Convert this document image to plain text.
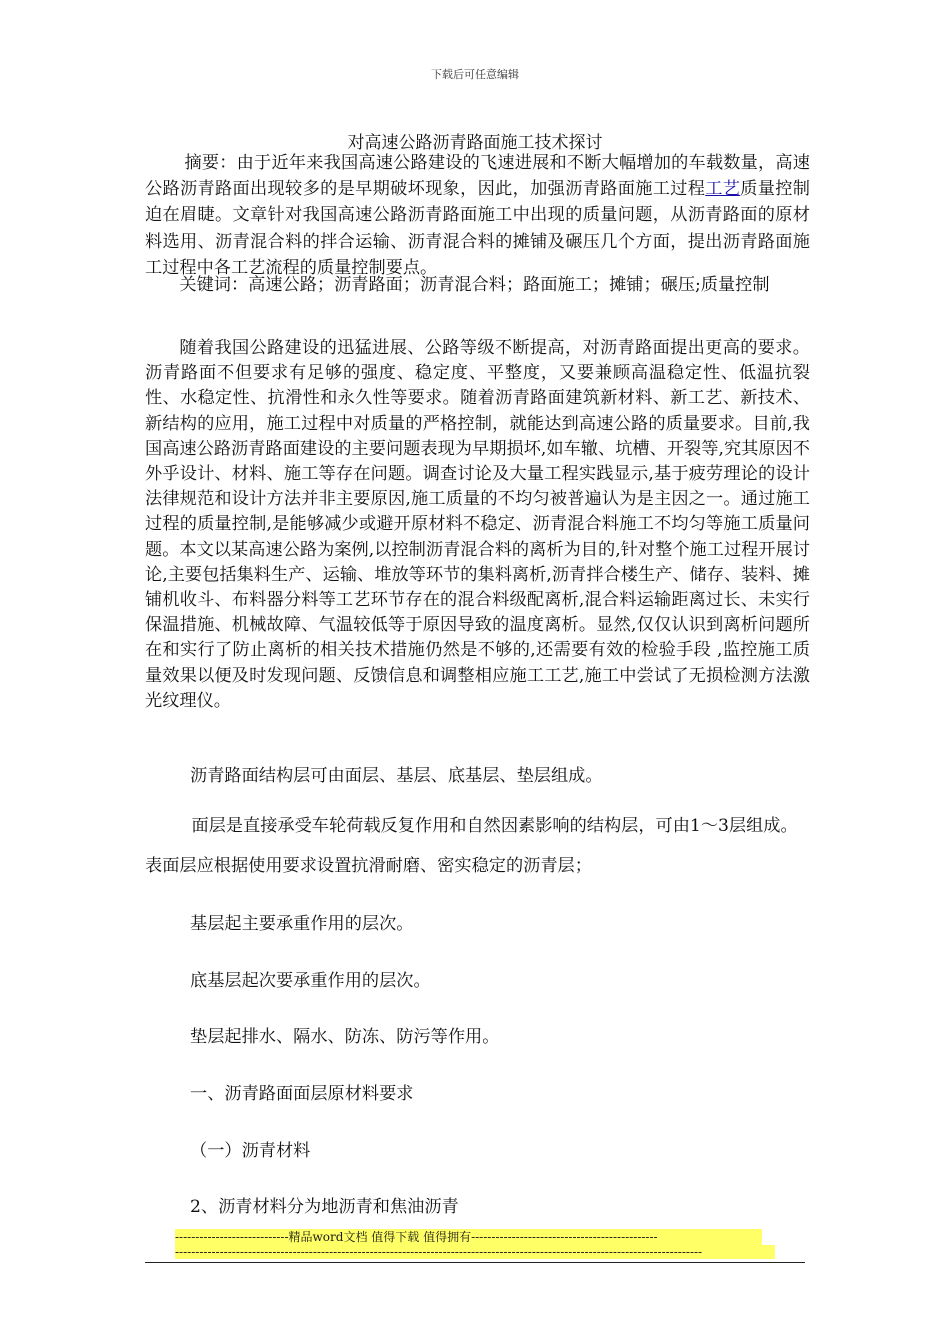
下载后可任意编辑
对高速公路沥青路面施工技术探讨

摘要：由于近年来我国高速公路建设的飞速进展和不断大幅增加的车载数量，高速公路沥青路面出现较多的是早期破坏现象，因此，加强沥青路面施工过程工艺质量控制迫在眉睫。文章针对我国高速公路沥青路面施工中出现的质量问题，从沥青路面的原材料选用、沥青混合料的拌合运输、沥青混合料的摊铺及碾压几个方面，提出沥青路面施工过程中各工艺流程的质量控制要点。

关键词：高速公路；沥青路面；沥青混合料；路面施工；摊铺；碾压;质量控制

随着我国公路建设的迅猛进展、公路等级不断提高，对沥青路面提出更高的要求。沥青路面不但要求有足够的强度、稳定度、平整度，又要兼顾高温稳定性、低温抗裂性、水稳定性、抗滑性和永久性等要求。随着沥青路面建筑新材料、新工艺、新技术、新结构的应用，施工过程中对质量的严格控制，就能达到高速公路的质量要求。目前,我国高速公路沥青路面建设的主要问题表现为早期损坏,如车辙、坑槽、开裂等,究其原因不外乎设计、材料、施工等存在问题。调查讨论及大量工程实践显示,基于疲劳理论的设计法律规范和设计方法并非主要原因,施工质量的不均匀被普遍认为是主因之一。通过施工过程的质量控制,是能够减少或避开原材料不稳定、沥青混合料施工不均匀等施工质量问题。本文以某高速公路为案例,以控制沥青混合料的离析为目的,针对整个施工过程开展讨论,主要包括集料生产、运输、堆放等环节的集料离析,沥青拌合楼生产、储存、装料、摊铺机收斗、布料器分料等工艺环节存在的混合料级配离析,混合料运输距离过长、未实行保温措施、机械故障、气温较低等于原因导致的温度离析。显然,仅仅认识到离析问题所在和实行了防止离析的相关技术措施仍然是不够的,还需要有效的检验手段 ,监控施工质量效果以便及时发现问题、反馈信息和调整相应施工工艺,施工中尝试了无损检测方法激光纹理仪。

沥青路面结构层可由面层、基层、底基层、垫层组成。

面层是直接承受车轮荷载反复作用和自然因素影响的结构层，可由1～3层组成。表面层应根据使用要求设置抗滑耐磨、密实稳定的沥青层；

基层起主要承重作用的层次。
底基层起次要承重作用的层次。
垫层起排水、隔水、防冻、防污等作用。
一、沥青路面面层原材料要求
（一）沥青材料
2、沥青材料分为地沥青和焦油沥青
----------------------------精品word文档 值得下载 值得拥有----------------------------------------------
----------------------------------------------------------------------------------------------------------------------------------
